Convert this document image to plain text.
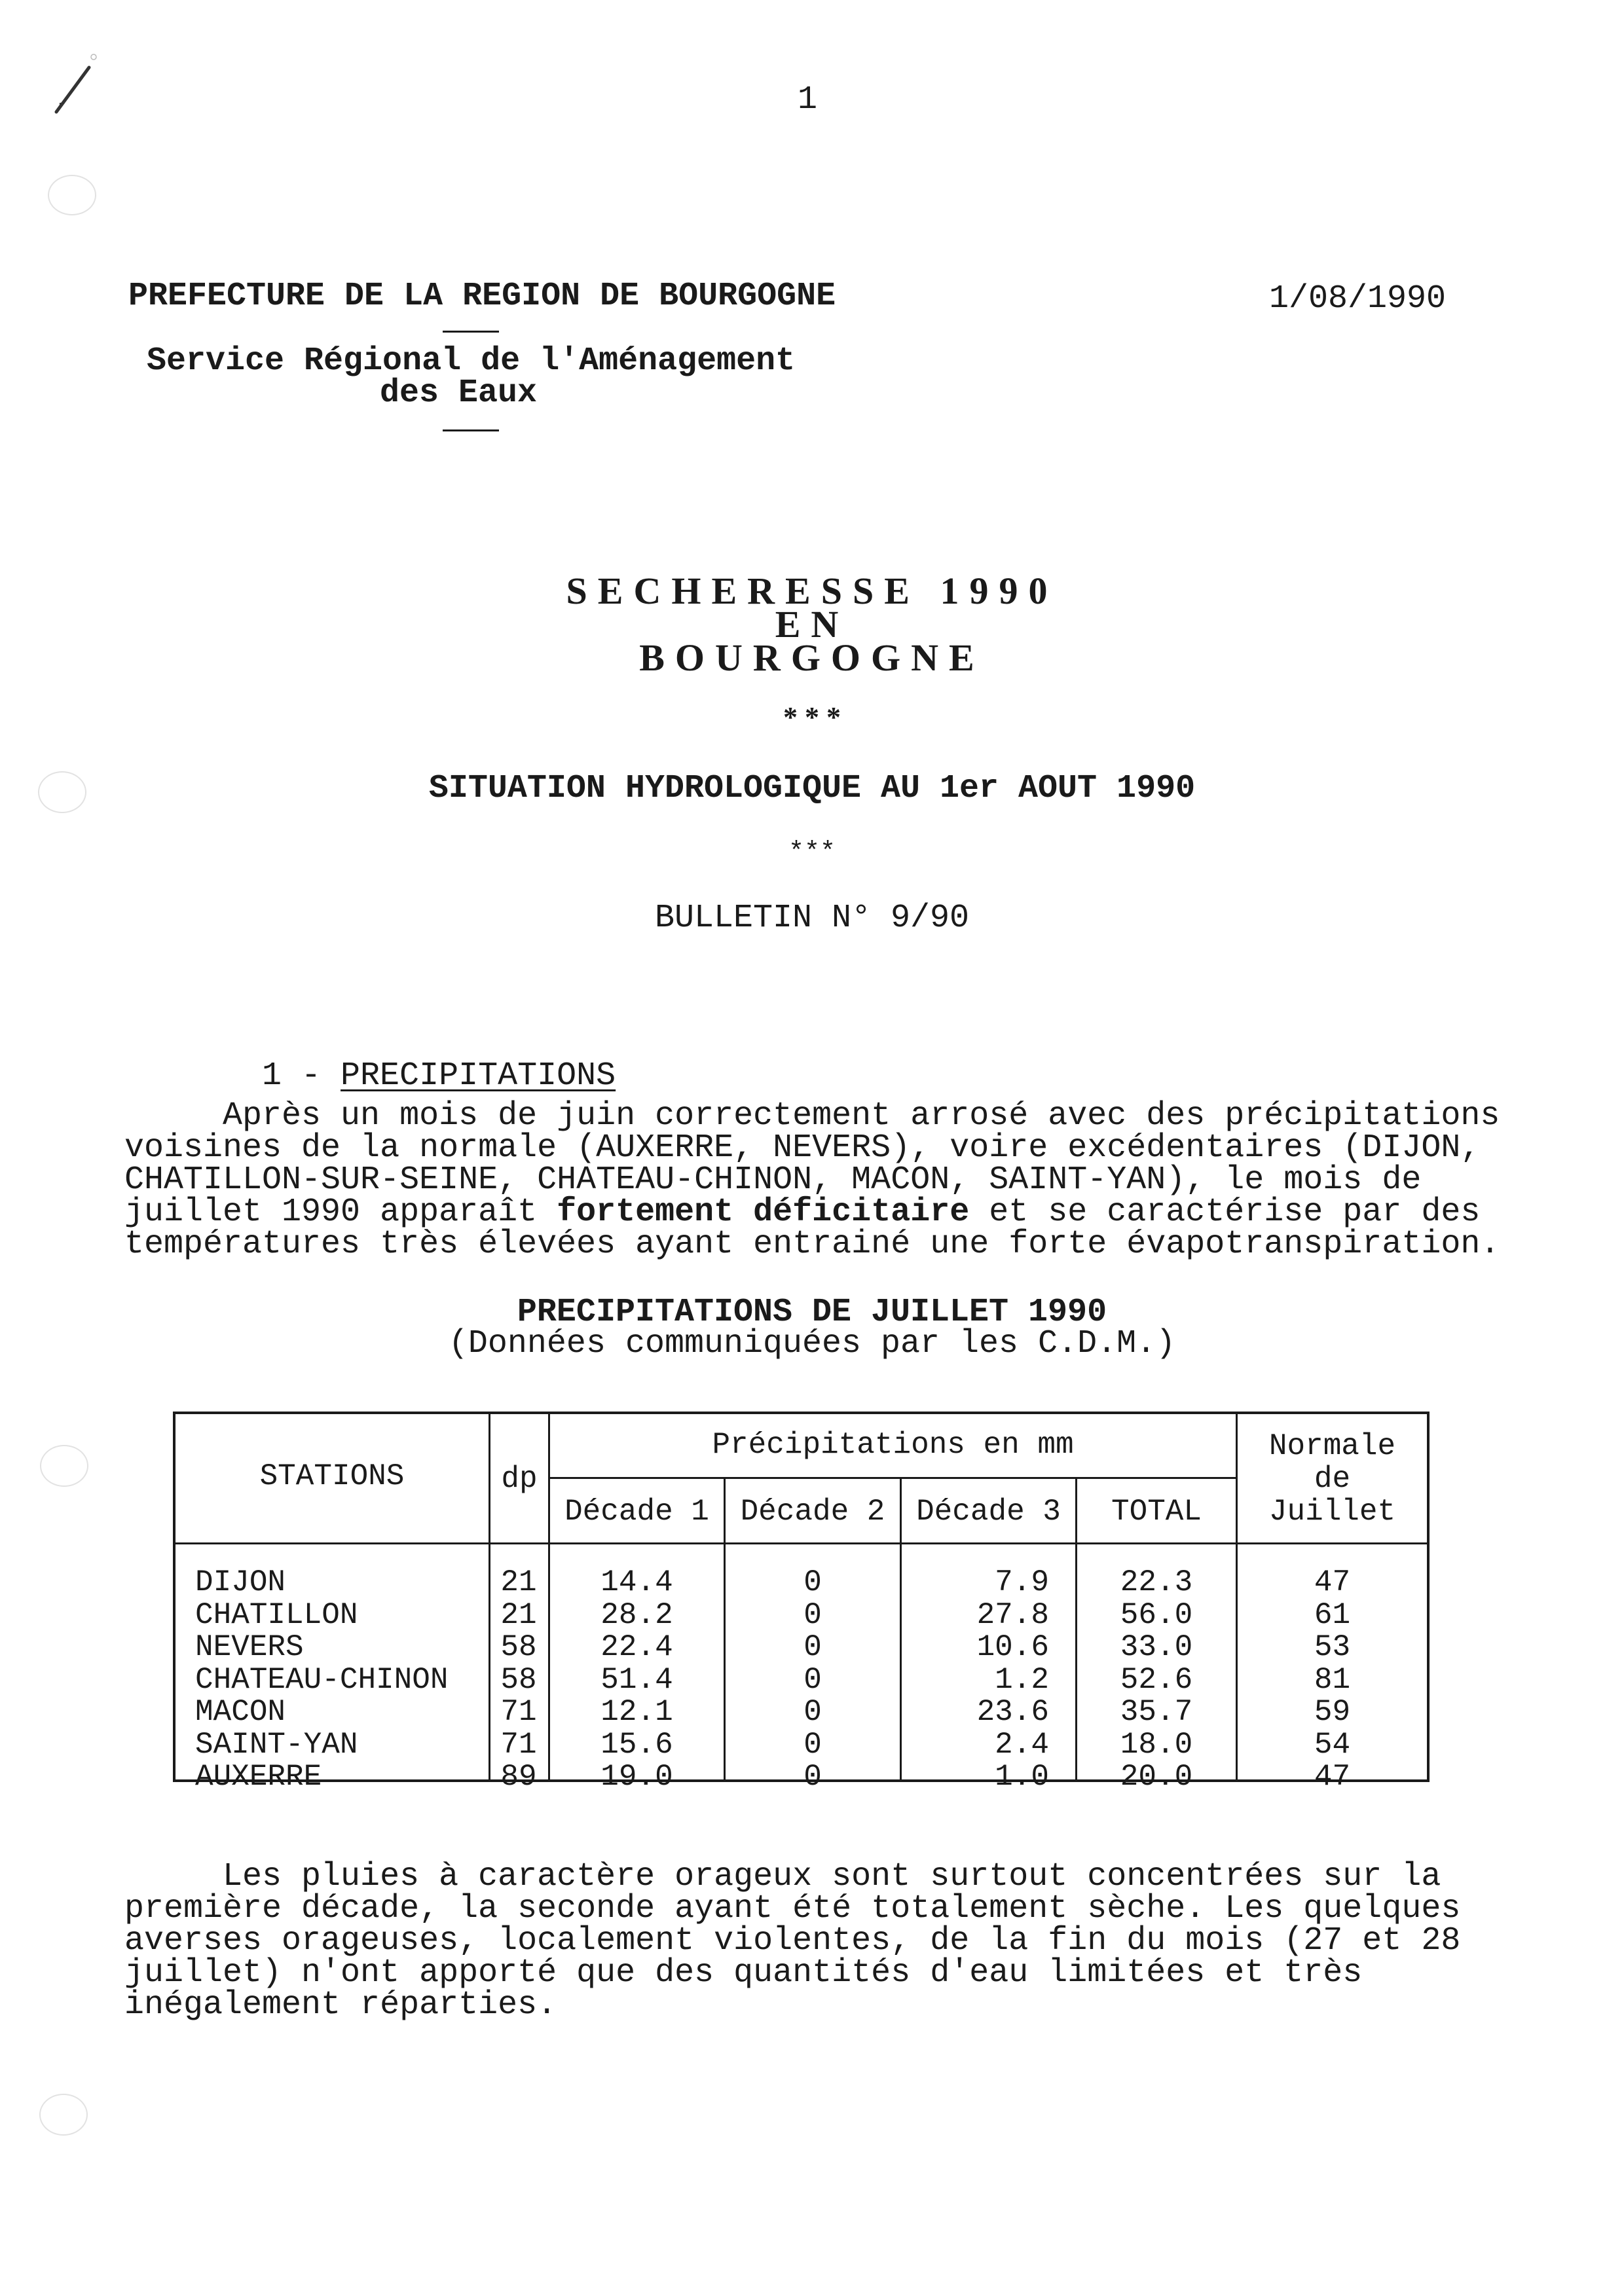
1
PREFECTURE DE LA REGION DE BOURGOGNE	1/08/1990
Service Régional de l'Aménagement
des Eaux
SECHERESSE 1990
EN
BOURGOGNE
* * *
SITUATION HYDROLOGIQUE AU 1er AOUT 1990
***
BULLETIN N° 9/90

1 - PRECIPITATIONS

Après un mois de juin correctement arrosé avec des précipitations
voisines de la normale (AUXERRE, NEVERS), voire excédentaires (DIJON,
CHATILLON-SUR-SEINE, CHATEAU-CHINON, MACON, SAINT-YAN), le mois de
juillet 1990 apparaît fortement déficitaire et se caractérise par des
températures très élevées ayant entrainé une forte évapotranspiration.
PRECIPITATIONS DE JUILLET 1990
(Données communiquées par les C.D.M.)
STATIONS	dp
Précipitations en mm
Décade 1	Décade 2	Décade 3	TOTAL
Normale
de
Juillet
DIJON	21	14.4	0	7.9	22.3	47
CHATILLON	21	28.2	0	27.8	56.0	61
NEVERS	58	22.4	0	10.6	33.0	53
CHATEAU-CHINON	58	51.4	0	1.2	52.6	81
MACON	71	12.1	0	23.6	35.7	59
SAINT-YAN	71	15.6	0	2.4	18.0	54
AUXERRE	89	19.0	0	1.0	20.0	47
Les pluies à caractère orageux sont surtout concentrées sur la
première décade, la seconde ayant été totalement sèche. Les quelques
averses orageuses, localement violentes, de la fin du mois (27 et 28
juillet) n'ont apporté que des quantités d'eau limitées et très
inégalement réparties.
